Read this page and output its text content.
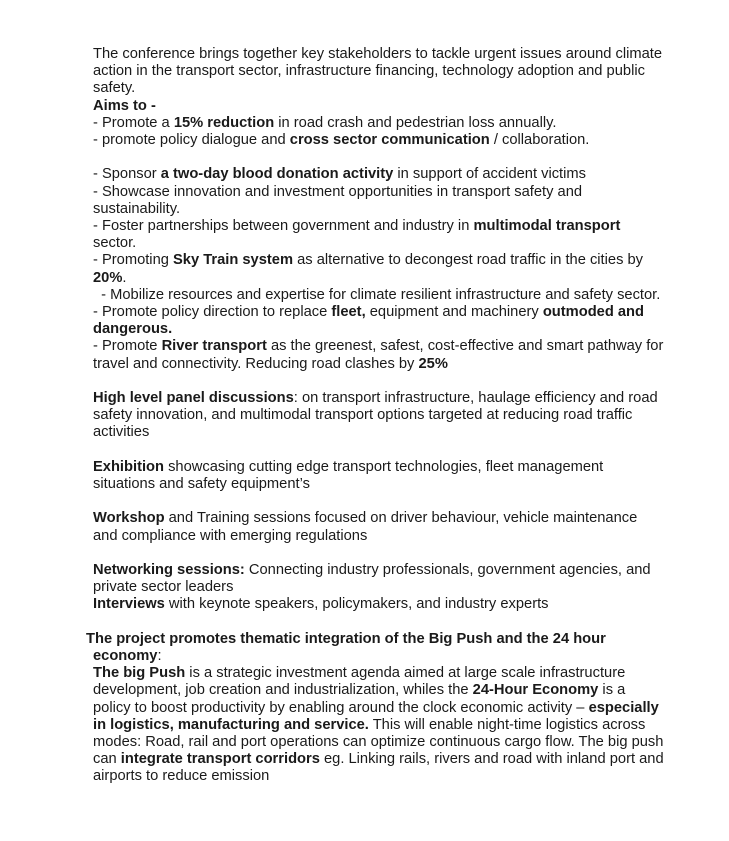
The conference brings together key stakeholders to tackle urgent issues around climate action in the transport sector, infrastructure financing, technology adoption and public safety.

Aims to -

- Promote a 15% reduction in road crash and pedestrian loss annually.

- promote policy dialogue and cross sector communication / collaboration.

- Sponsor a two-day blood donation activity in support of accident victims

- Showcase innovation and investment opportunities in transport safety and sustainability.

- Foster partnerships between government and industry in multimodal transport sector.

- Promoting Sky Train system as alternative to decongest road traffic in the cities by 20%.

- Mobilize resources and expertise for climate resilient infrastructure and safety sector.

- Promote policy direction to replace fleet, equipment and machinery outmoded and dangerous.

- Promote River transport as the greenest, safest, cost-effective and smart pathway for travel and connectivity. Reducing road clashes by 25%

High level panel discussions: on transport infrastructure, haulage efficiency and road safety innovation, and multimodal transport options targeted at reducing road traffic activities

Exhibition showcasing cutting edge transport technologies, fleet management situations and safety equipment’s

Workshop and Training sessions focused on driver behaviour, vehicle maintenance and compliance with emerging regulations

Networking sessions: Connecting industry professionals, government agencies, and private sector leaders

Interviews with keynote speakers, policymakers, and industry experts

The project promotes thematic integration of the Big Push and the 24 hour economy:

The big Push is a strategic investment agenda aimed at large scale infrastructure development, job creation and industrialization, whiles the 24-Hour Economy is a policy to boost productivity by enabling around the clock economic activity – especially in logistics, manufacturing and service. This will enable night-time logistics across modes: Road, rail and port operations can optimize continuous cargo flow. The big push can integrate transport corridors eg. Linking rails, rivers and road with inland port and airports to reduce emission
